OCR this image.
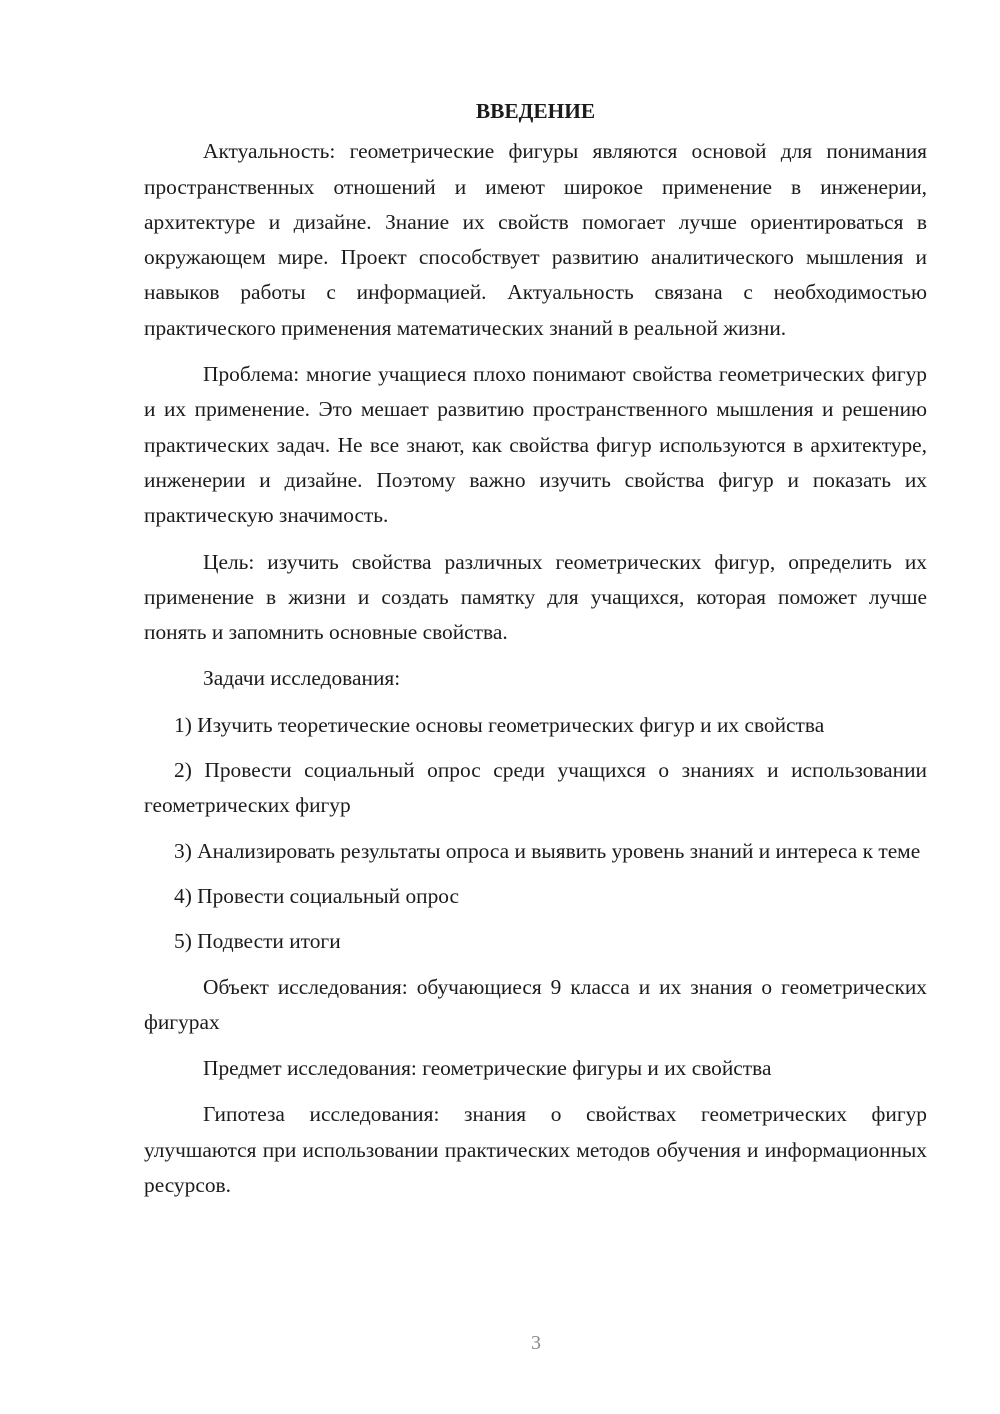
ВВЕДЕНИЕ

Актуальность: геометрические фигуры являются основой для понимания пространственных отношений и имеют широкое применение в инженерии, архитектуре и дизайне. Знание их свойств помогает лучше ориентироваться в окружающем мире. Проект способствует развитию аналитического мышления и навыков работы с информацией. Актуальность связана с необходимостью практического применения математических знаний в реальной жизни.

Проблема: многие учащиеся плохо понимают свойства геометрических фигур и их применение. Это мешает развитию пространственного мышления и решению практических задач. Не все знают, как свойства фигур используются в архитектуре, инженерии и дизайне. Поэтому важно изучить свойства фигур и показать их практическую значимость.

Цель: изучить свойства различных геометрических фигур, определить их применение в жизни и создать памятку для учащихся, которая поможет лучше понять и запомнить основные свойства.

Задачи исследования:

1) Изучить теоретические основы геометрических фигур и их свойства

2) Провести социальный опрос среди учащихся о знаниях и использовании геометрических фигур

3) Анализировать результаты опроса и выявить уровень знаний и интереса к теме

4) Провести социальный опрос

5) Подвести итоги

Объект исследования: обучающиеся 9 класса и их знания о геометрических фигурах

Предмет исследования: геометрические фигуры и их свойства

Гипотеза исследования: знания о свойствах геометрических фигур улучшаются при использовании практических методов обучения и информационных ресурсов.

3
